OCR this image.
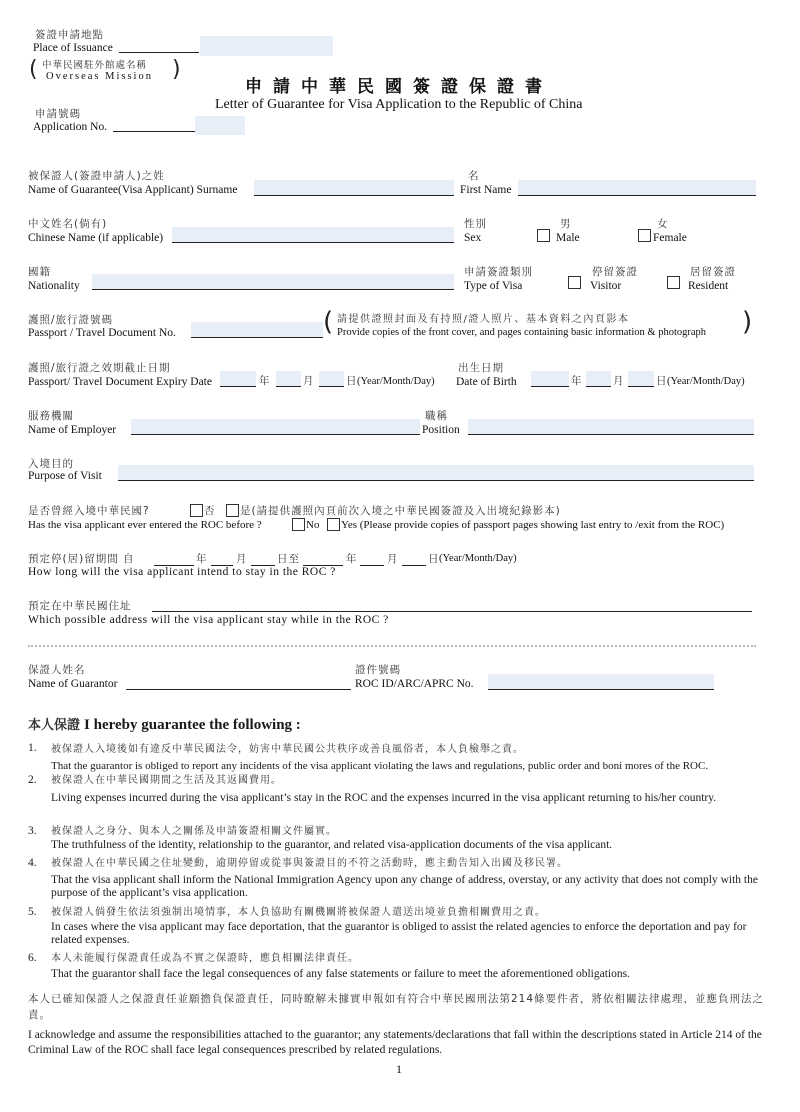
簽證申請地點
Place of Issuance
( 中華民國駐外館處名稱
Overseas Mission )
申請中華民國簽證保證書
Letter of Guarantee for Visa Application to the Republic of China
申請號碼
Application No.
被保證人(簽證申請人)之姓
Name of Guarantee(Visa Applicant) Surname
名
First Name
中文姓名(倘有)
Chinese Name (if applicable)
性別
Sex
男
Male
女
Female
國籍
Nationality
申請簽證類別
Type of Visa
停留簽證
Visitor
居留簽證
Resident
護照/旅行證號碼
Passport / Travel Document No.	( 請提供證照封面及有持照/證人照片、基本資料之內頁影本
Provide copies of the front cover, and pages containing basic information & photograph )
護照/旅行證之效期截止日期
Passport/ Travel Document Expiry Date	年	月	日 (Year/Month/Day)
出生日期
Date of Birth	年	月	日 (Year/Month/Day)
服務機關
Name of Employer
職稱
Position
入境目的
Purpose of Visit
是否曾經入境中華民國?	否 是(請提供護照內頁前次入境之中華民國簽證及入出境紀錄影本)
Has the visa applicant ever entered the ROC before ?	No Yes (Please provide copies of passport pages showing last entry to /exit from the ROC)
預定停(居)留期間 自	年	月	日至	年	月	日 (Year/Month/Day)
How long will the visa applicant intend to stay in the ROC ?
預定在中華民國住址
Which possible address will the visa applicant stay while in the ROC ?
保證人姓名
Name of Guarantor
證件號碼
ROC ID/ARC/APRC No.
本人保證 I hereby guarantee the following :
1. 被保證人入境後如有違反中華民國法令，妨害中華民國公共秩序或善良風俗者，本人負檢舉之責。
That the guarantor is obliged to report any incidents of the visa applicant violating the laws and regulations, public order and boni mores of the ROC.
2. 被保證人在中華民國期間之生活及其返國費用。
Living expenses incurred during the visa applicant’s stay in the ROC and the expenses incurred in the visa applicant returning to his/her country.
3. 被保證人之身分、與本人之關係及申請簽證相關文件屬實。
The truthfulness of the identity, relationship to the guarantor, and related visa-application documents of the visa applicant.
4. 被保證人在中華民國之住址變動，逾期停留或從事與簽證目的不符之活動時，應主動告知入出國及移民署。
That the visa applicant shall inform the National Immigration Agency upon any change of address, overstay, or any activity that does not comply with the purpose of the applicant’s visa application.
5. 被保證人倘發生依法須強制出境情事，本人負協助有關機關將被保證人遣送出境並負擔相關費用之責。
In cases where the visa applicant may face deportation, that the guarantor is obliged to assist the related agencies to enforce the deportation and pay for related expenses.
6. 本人未能履行保證責任或為不實之保證時，應負相關法律責任。
That the guarantor shall face the legal consequences of any false statements or failure to meet the aforementioned obligations.
本人已確知保證人之保證責任並願擔負保證責任，同時瞭解未據實申報如有符合中華民國刑法第214條要件者，將依相關法律處理，並應負刑法之責。
I acknowledge and assume the responsibilities attached to the guarantor; any statements/declarations that fall within the descriptions stated in Article 214 of the Criminal Law of the ROC shall face legal consequences prescribed by related regulations.
1
